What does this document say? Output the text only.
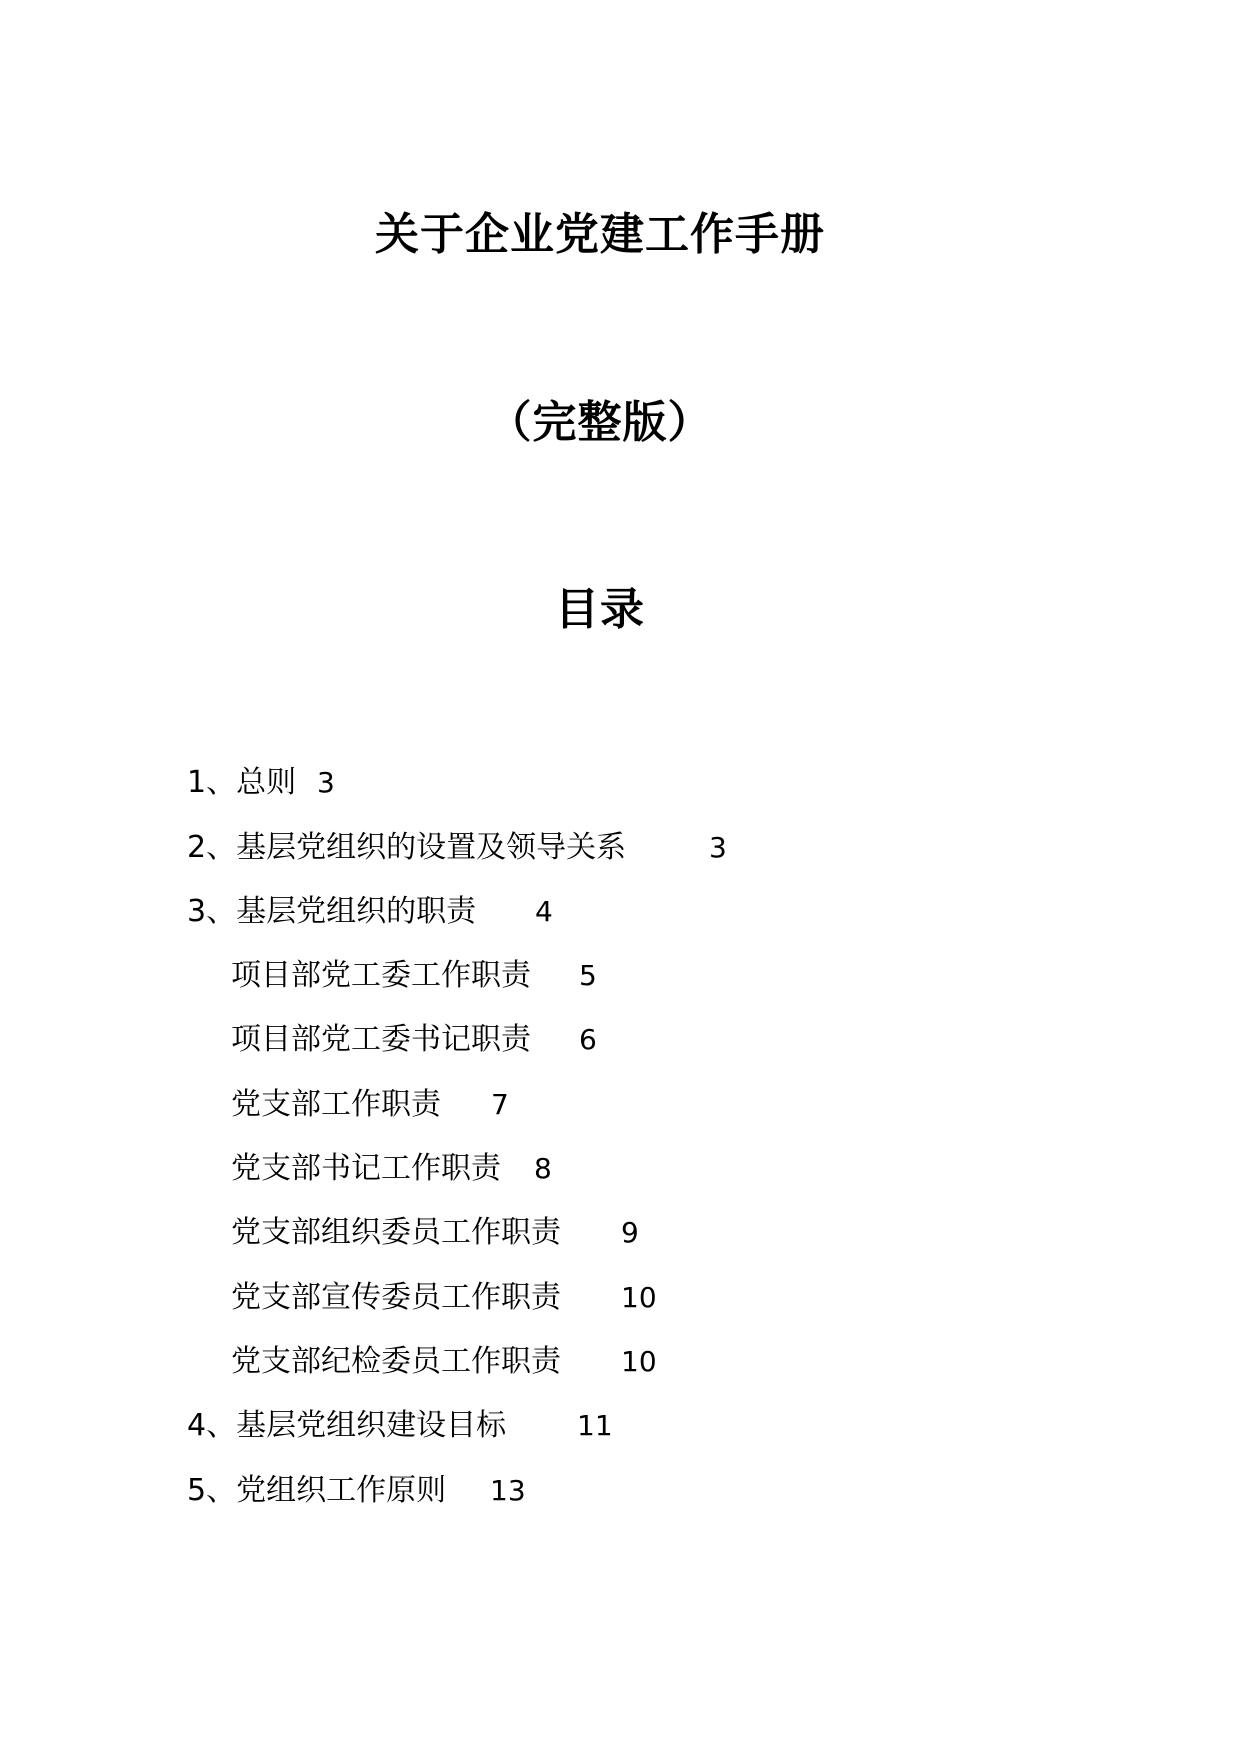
关于企业党建工作手册
（完整版）
目录
1、总则 3
2、基层党组织的设置及领导关系	3
3、基层党组织的职责 4
项目部党工委工作职责 5
项目部党工委书记职责 6
党支部工作职责 7
党支部书记工作职责 8
党支部组织委员工作职责 9
党支部宣传委员工作职责 10
党支部纪检委员工作职责 10
4、基层党组织建设目标	11
5、党组织工作原则 13
